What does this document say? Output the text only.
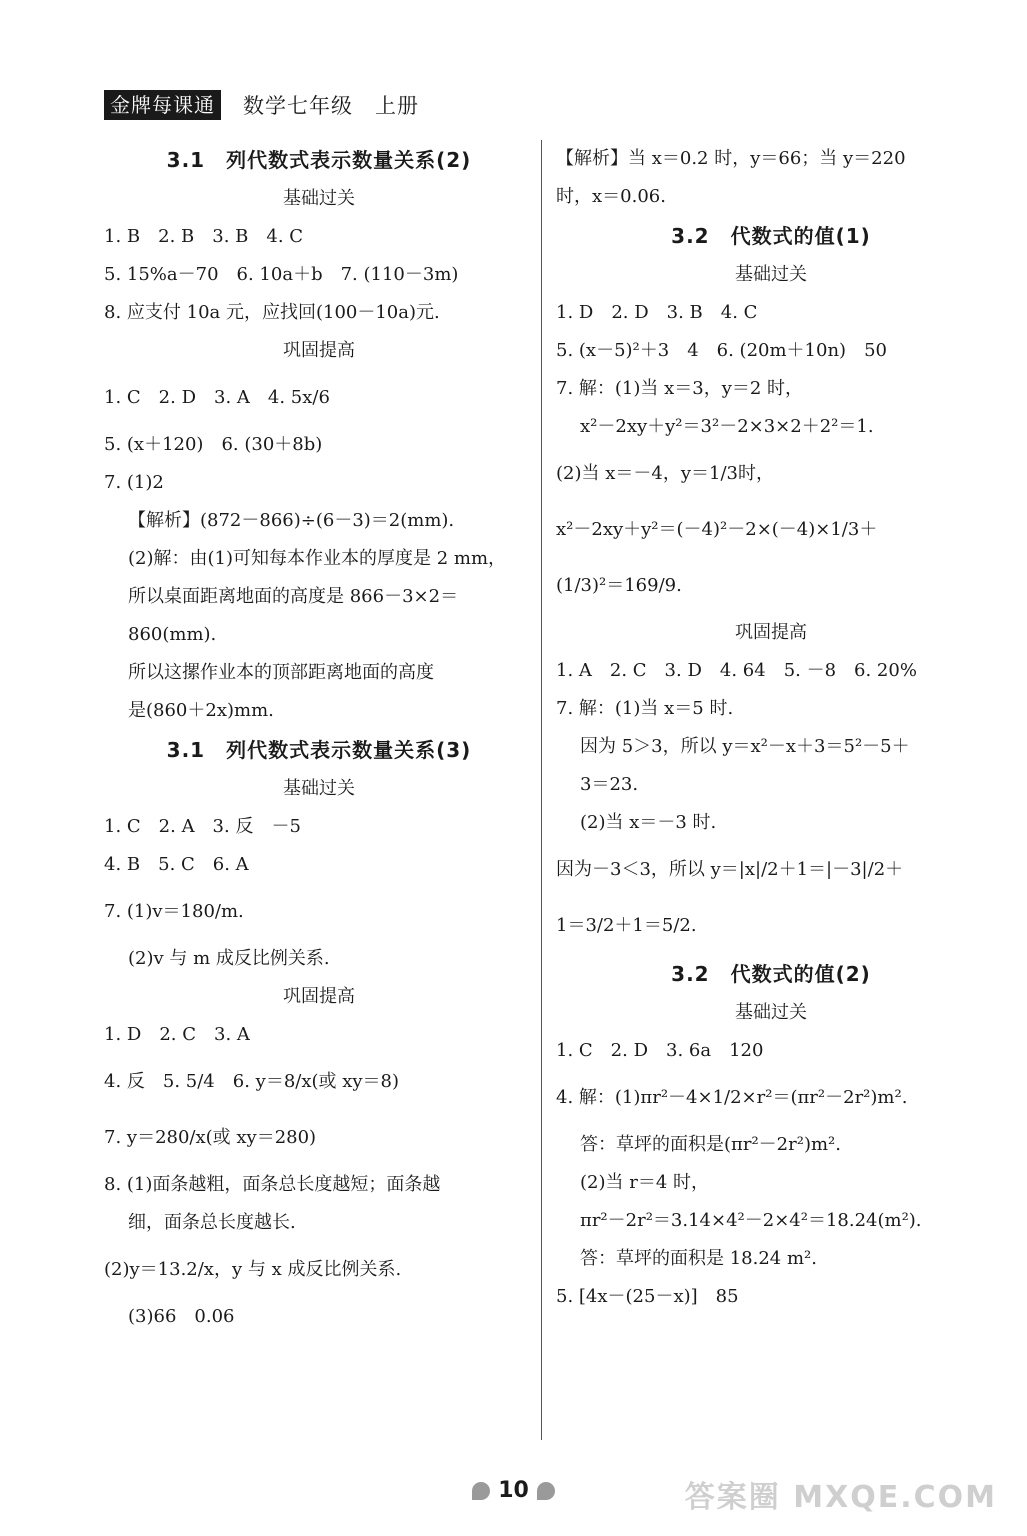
金牌每课通 数学七年级　上册
3.1　列代数式表示数量关系(2)
基础过关
1. B　2. B　3. B　4. C
5. 15%a－70　6. 10a＋b　7. (110－3m)
8. 应支付 10a 元，应找回(100－10a)元.
巩固提高
1. C　2. D　3. A　4. 5x/6
5. (x＋120)　6. (30＋8b)
7. (1)2
【解析】(872－866)÷(6－3)＝2(mm).
(2)解：由(1)可知每本作业本的厚度是 2 mm，
所以桌面距离地面的高度是 866－3×2＝
860(mm).
所以这摞作业本的顶部距离地面的高度
是(860＋2x)mm.
3.1　列代数式表示数量关系(3)
基础过关
1. C　2. A　3. 反　－5
4. B　5. C　6. A
7. (1)v＝180/m.
(2)v 与 m 成反比例关系.
巩固提高
1. D　2. C　3. A
4. 反　5. 5/4　6. y＝8/x(或 xy＝8)
7. y＝280/x(或 xy＝280)
8. (1)面条越粗，面条总长度越短；面条越
细，面条总长度越长.
(2)y＝13.2/x，y 与 x 成反比例关系.
(3)66　0.06
【解析】当 x＝0.2 时，y＝66；当 y＝220
时，x＝0.06.
3.2　代数式的值(1)
基础过关
1. D　2. D　3. B　4. C
5. (x－5)²＋3　4　6. (20m＋10n)　50
7. 解：(1)当 x＝3，y＝2 时，
x²－2xy＋y²＝3²－2×3×2＋2²＝1.
(2)当 x＝－4，y＝1/3时，
x²－2xy＋y²＝(－4)²－2×(－4)×1/3＋
(1/3)²＝169/9.
巩固提高
1. A　2. C　3. D　4. 64　5. －8　6. 20%
7. 解：(1)当 x＝5 时.
因为 5＞3，所以 y＝x²－x＋3＝5²－5＋
3＝23.
(2)当 x＝－3 时.
因为－3＜3，所以 y＝|x|/2＋1＝|－3|/2＋
1＝3/2＋1＝5/2.
3.2　代数式的值(2)
基础过关
1. C　2. D　3. 6a　120
4. 解：(1)πr²－4×1/2×r²＝(πr²－2r²)m².
答：草坪的面积是(πr²－2r²)m².
(2)当 r＝4 时，
πr²－2r²＝3.14×4²－2×4²＝18.24(m²).
答：草坪的面积是 18.24 m².
5. [4x－(25－x)]　85
10	答案圈 MXQE.COM
